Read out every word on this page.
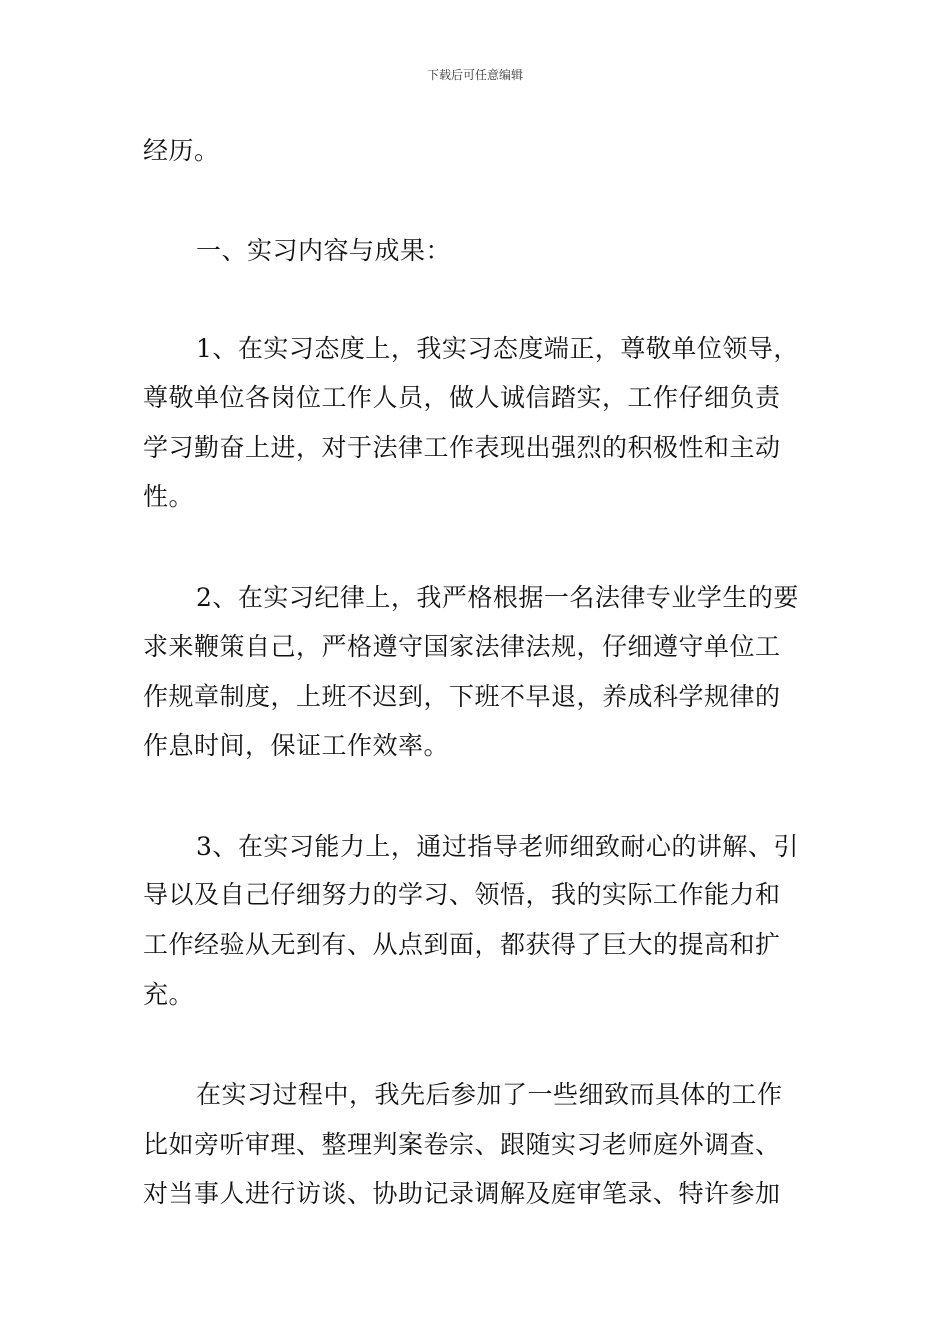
下载后可任意编辑
经历。
一、实习内容与成果：
1、在实习态度上，我实习态度端正，尊敬单位领导，
尊敬单位各岗位工作人员，做人诚信踏实，工作仔细负责
学习勤奋上进，对于法律工作表现出强烈的积极性和主动
性。
2、在实习纪律上，我严格根据一名法律专业学生的要
求来鞭策自己，严格遵守国家法律法规，仔细遵守单位工
作规章制度，上班不迟到，下班不早退，养成科学规律的
作息时间，保证工作效率。
3、在实习能力上，通过指导老师细致耐心的讲解、引
导以及自己仔细努力的学习、领悟，我的实际工作能力和
工作经验从无到有、从点到面，都获得了巨大的提高和扩
充。
在实习过程中，我先后参加了一些细致而具体的工作
比如旁听审理、整理判案卷宗、跟随实习老师庭外调查、
对当事人进行访谈、协助记录调解及庭审笔录、特许参加
